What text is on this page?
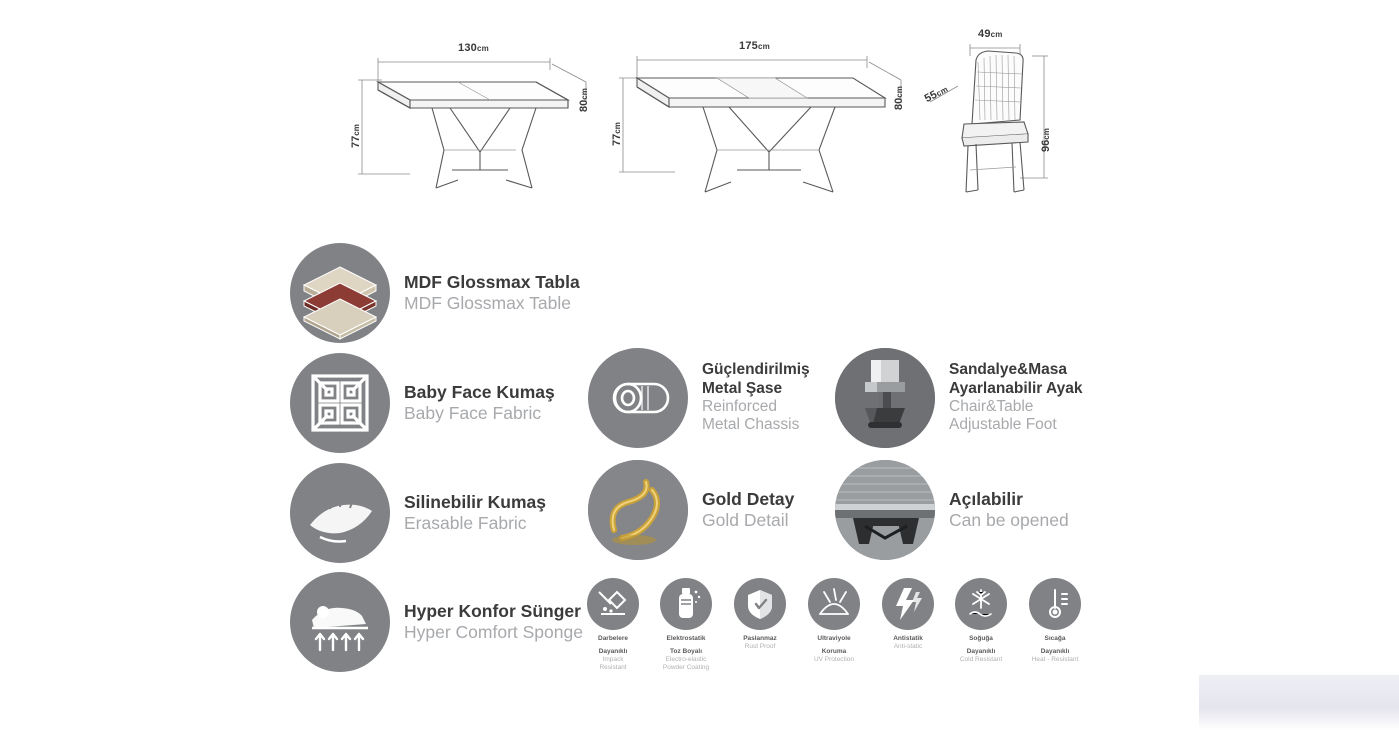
130cm
80cm
77cm
175cm
80cm
77cm
49cm
55cm
96cm
MDF Glossmax Tabla
MDF Glossmax Table
Baby Face Kumaş
Baby Face Fabric
Güçlendirilmiş
Metal Şase
Reinforced
Metal Chassis
Sandalye&Masa
Ayarlanabilir Ayak
Chair&Table
Adjustable Foot
Silinebilir Kumaş
Erasable Fabric
Gold Detay
Gold Detail
Açılabilir
Can be opened
Hyper Konfor Sünger
Hyper Comfort Sponge	Darbelere
Dayanıklı
Impack
Resistant
Elektrostatik
Toz Boyalı
Electro-elastic
Powder Coating
Paslanmaz
Rust Proof
Ultraviyole
Koruma
UV Protection
Antistatik
Anti-static
Soğuğa
Dayanıklı
Cold Resistant
Sıcağa
Dayanıklı
Heat - Resistant
